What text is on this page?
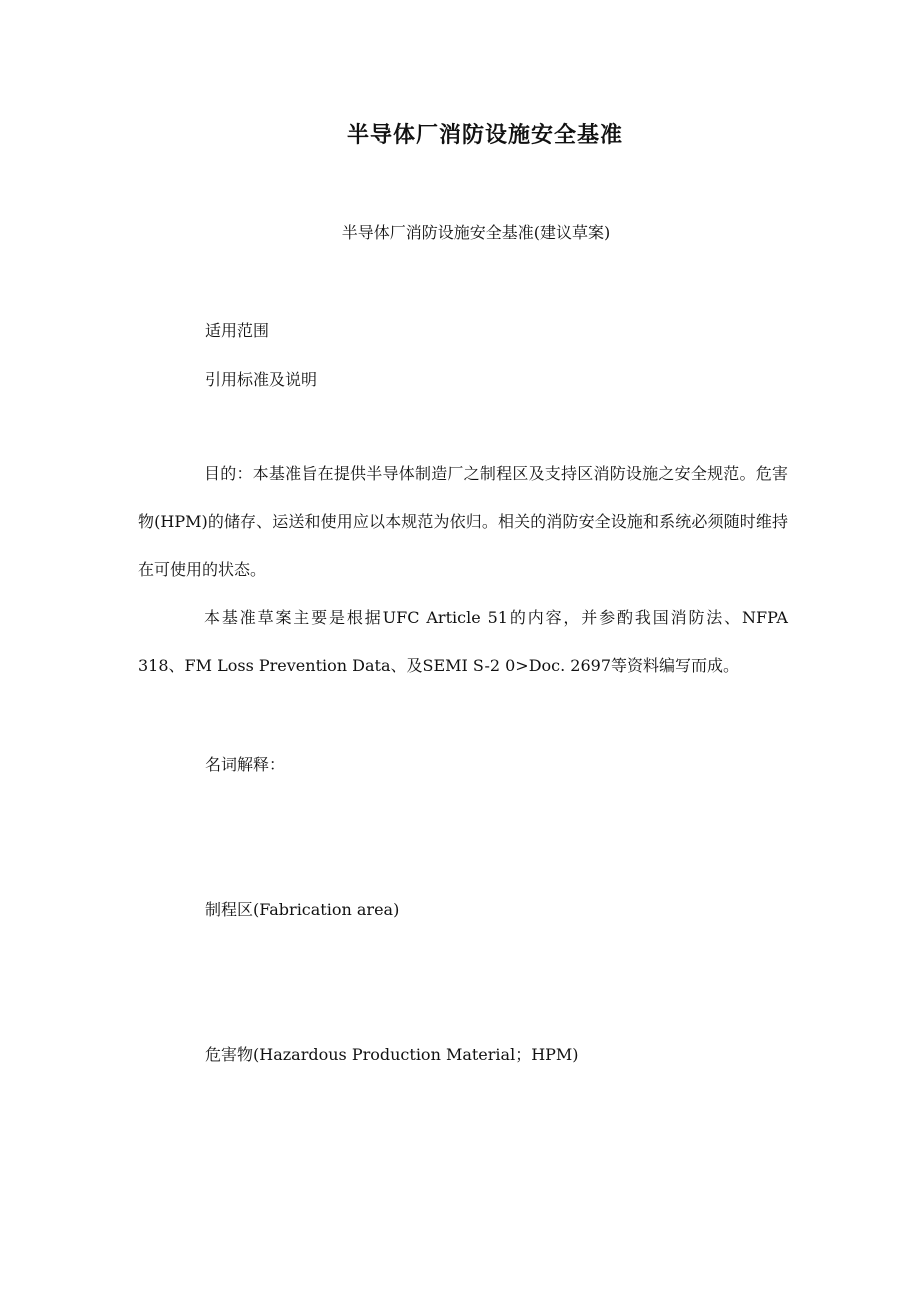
半导体厂消防设施安全基准
半导体厂消防设施安全基准(建议草案)
适用范围
引用标准及说明
目的：本基准旨在提供半导体制造厂之制程区及支持区消防设施之安全规范。危害物(HPM)的储存、运送和使用应以本规范为依归。相关的消防安全设施和系统必须随时维持在可使用的状态。
本基准草案主要是根据UFC Article 51的内容，并参酌我国消防法、NFPA 318、FM Loss Prevention Data、及SEMI S-2 0>Doc. 2697等资料编写而成。
名词解释：
制程区(Fabrication area)
危害物(Hazardous Production Material；HPM)
